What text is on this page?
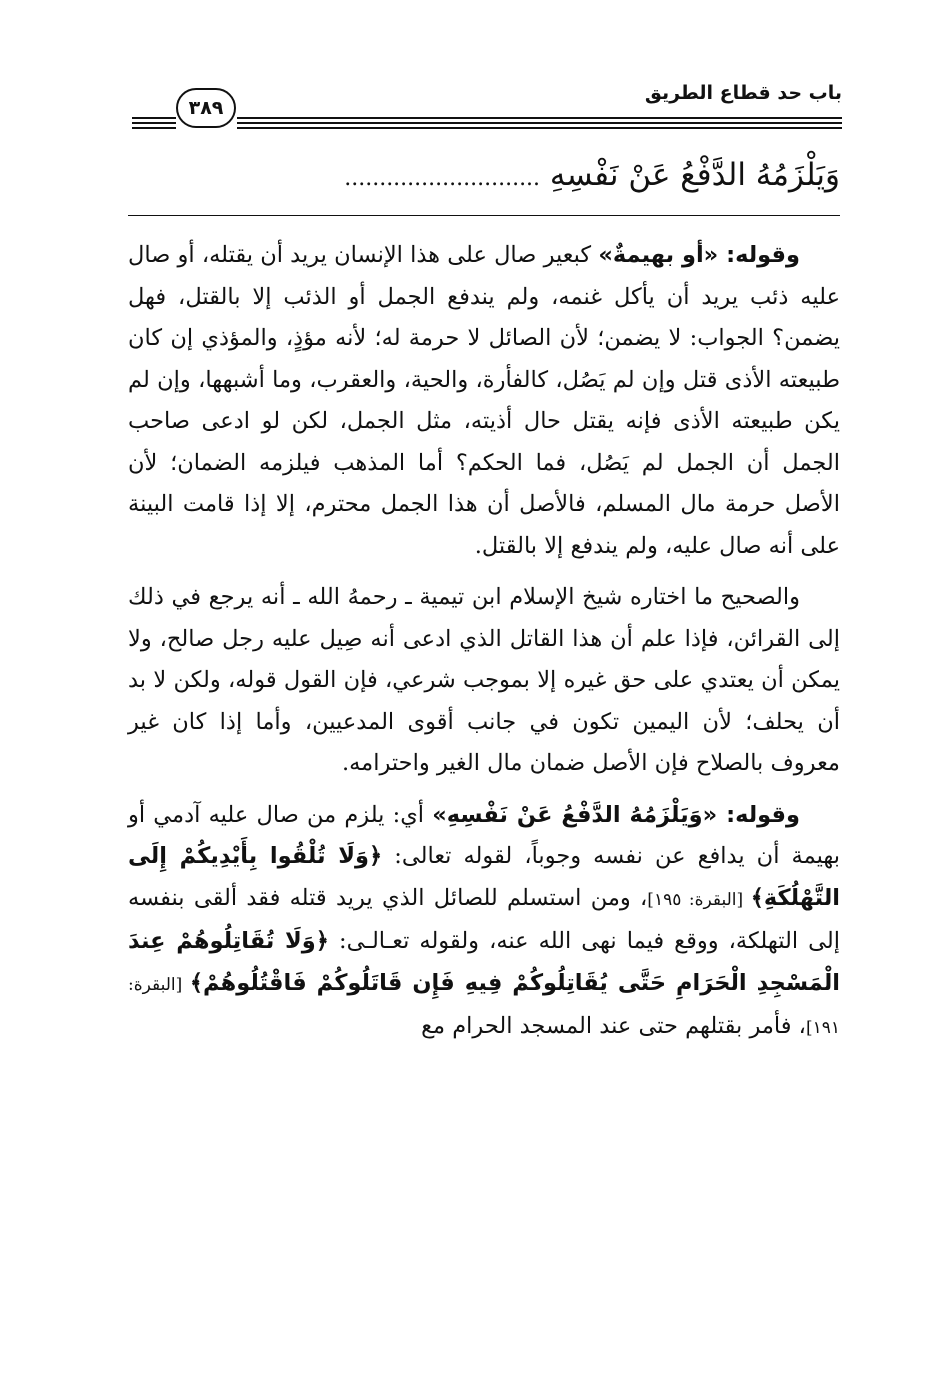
باب حد قطاع الطريق
٣٨٩
وَيَلْزَمُهُ الدَّفْعُ عَنْ نَفْسِهِ ............................

وقوله: «أو بهيمةٌ» كبعير صال على هذا الإنسان يريد أن يقتله، أو صال عليه ذئب يريد أن يأكل غنمه، ولم يندفع الجمل أو الذئب إلا بالقتل، فهل يضمن؟ الجواب: لا يضمن؛ لأن الصائل لا حرمة له؛ لأنه مؤذٍ، والمؤذي إن كان طبيعته الأذى قتل وإن لم يَصُل، كالفأرة، والحية، والعقرب، وما أشبهها، وإن لم يكن طبيعته الأذى فإنه يقتل حال أذيته، مثل الجمل، لكن لو ادعى صاحب الجمل أن الجمل لم يَصُل، فما الحكم؟ أما المذهب فيلزمه الضمان؛ لأن الأصل حرمة مال المسلم، فالأصل أن هذا الجمل محترم، إلا إذا قامت البينة على أنه صال عليه، ولم يندفع إلا بالقتل.

والصحيح ما اختاره شيخ الإسلام ابن تيمية ـ رحمهُ الله ـ أنه يرجع في ذلك إلى القرائن، فإذا علم أن هذا القاتل الذي ادعى أنه صِيل عليه رجل صالح، ولا يمكن أن يعتدي على حق غيره إلا بموجب شرعي، فإن القول قوله، ولكن لا بد أن يحلف؛ لأن اليمين تكون في جانب أقوى المدعيين، وأما إذا كان غير معروف بالصلاح فإن الأصل ضمان مال الغير واحترامه.

وقوله: «وَيَلْزَمُهُ الدَّفْعُ عَنْ نَفْسِهِ» أي: يلزم من صال عليه آدمي أو بهيمة أن يدافع عن نفسه وجوباً، لقوله تعالى: ﴿وَلَا تُلْقُوا بِأَيْدِيكُمْ إِلَى التَّهْلُكَةِ﴾ [البقرة: ١٩٥]، ومن استسلم للصائل الذي يريد قتله فقد ألقى بنفسه إلى التهلكة، ووقع فيما نهى الله عنه، ولقوله تعـالـى: ﴿وَلَا تُقَاتِلُوهُمْ عِندَ الْمَسْجِدِ الْحَرَامِ حَتَّى يُقَاتِلُوكُمْ فِيهِ فَإِن قَاتَلُوكُمْ فَاقْتُلُوهُمْ﴾ [البقرة: ١٩١]، فأمر بقتلهم حتى عند المسجد الحرام مع
